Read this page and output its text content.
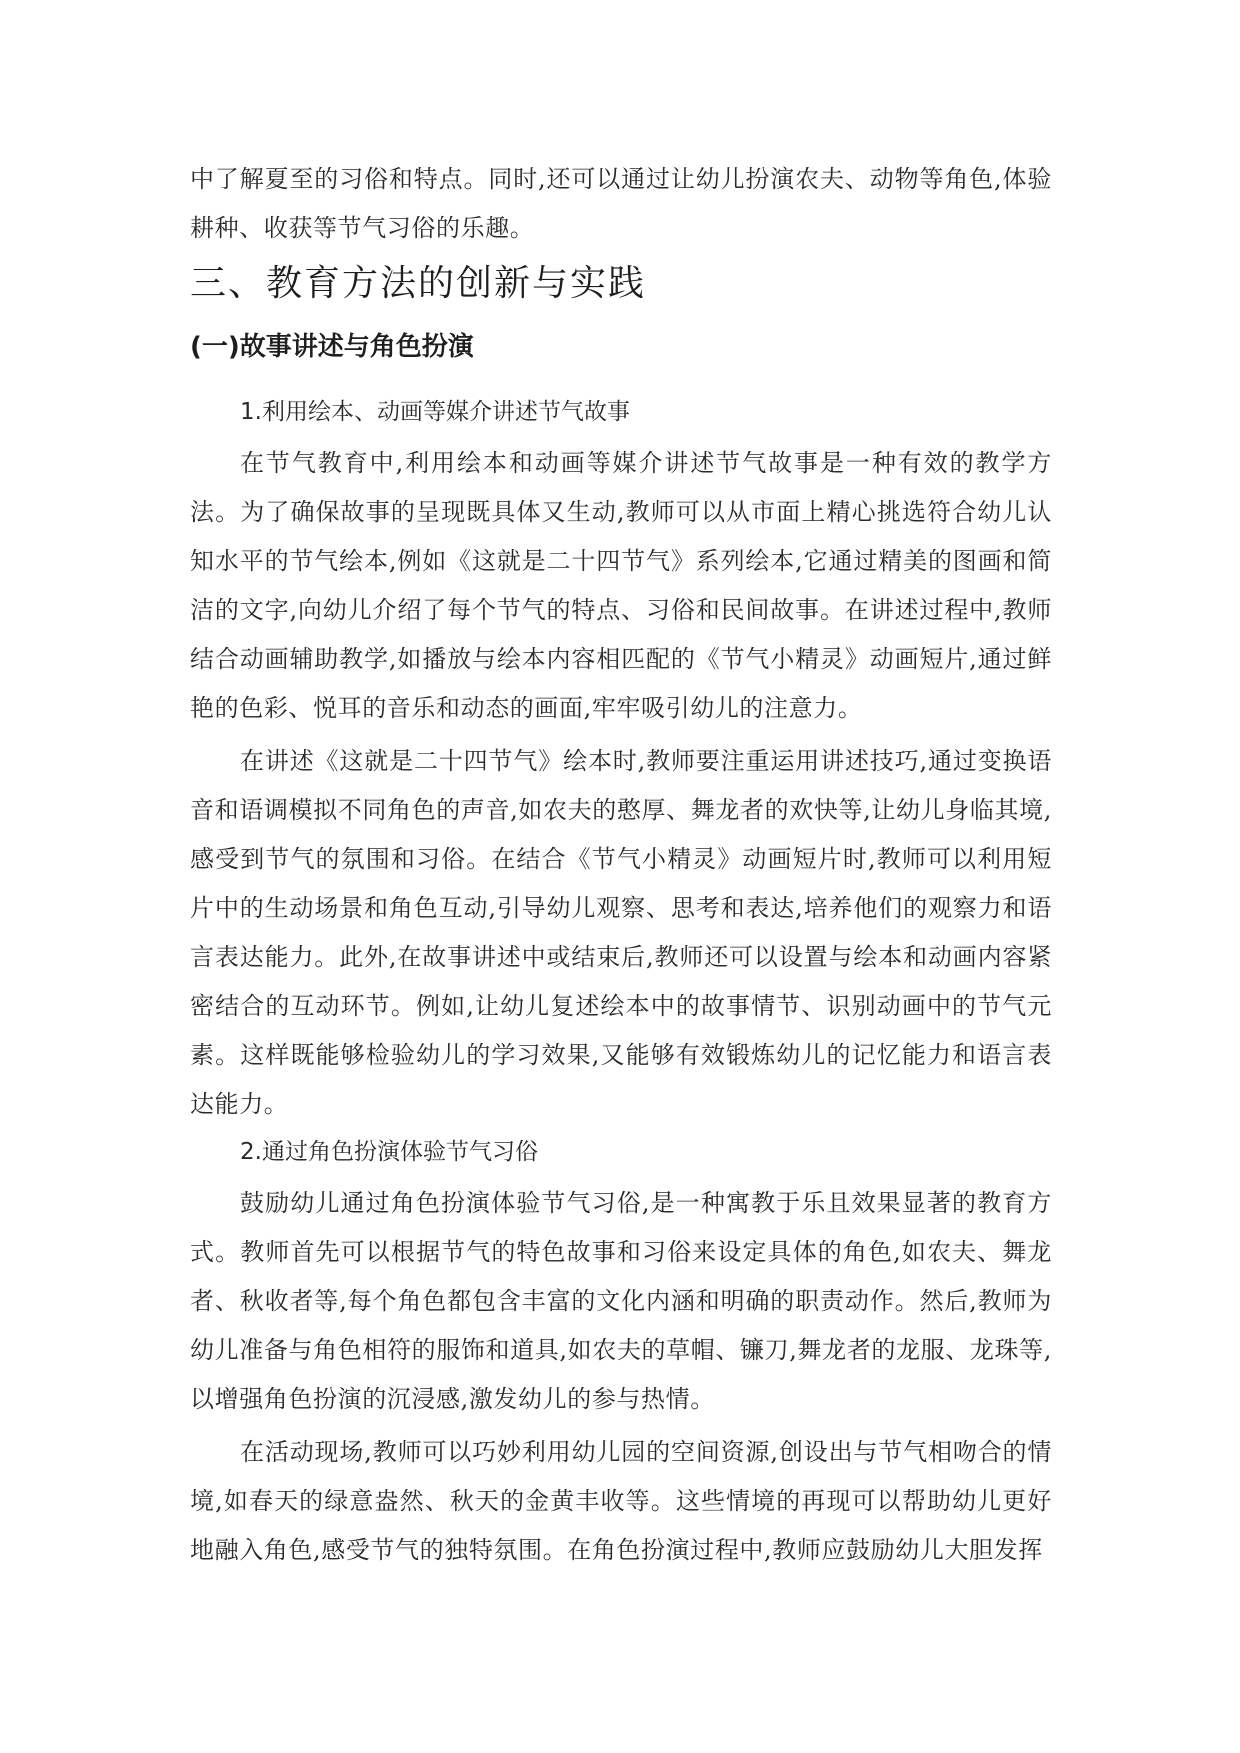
中了解夏至的习俗和特点。同时,还可以通过让幼儿扮演农夫、动物等角色,体验耕种、收获等节气习俗的乐趣。

三、教育方法的创新与实践
(一)故事讲述与角色扮演
1.利用绘本、动画等媒介讲述节气故事

在节气教育中,利用绘本和动画等媒介讲述节气故事是一种有效的教学方法。为了确保故事的呈现既具体又生动,教师可以从市面上精心挑选符合幼儿认知水平的节气绘本,例如《这就是二十四节气》系列绘本,它通过精美的图画和简洁的文字,向幼儿介绍了每个节气的特点、习俗和民间故事。在讲述过程中,教师结合动画辅助教学,如播放与绘本内容相匹配的《节气小精灵》动画短片,通过鲜艳的色彩、悦耳的音乐和动态的画面,牢牢吸引幼儿的注意力。

在讲述《这就是二十四节气》绘本时,教师要注重运用讲述技巧,通过变换语音和语调模拟不同角色的声音,如农夫的憨厚、舞龙者的欢快等,让幼儿身临其境,感受到节气的氛围和习俗。在结合《节气小精灵》动画短片时,教师可以利用短片中的生动场景和角色互动,引导幼儿观察、思考和表达,培养他们的观察力和语言表达能力。此外,在故事讲述中或结束后,教师还可以设置与绘本和动画内容紧密结合的互动环节。例如,让幼儿复述绘本中的故事情节、识别动画中的节气元素。这样既能够检验幼儿的学习效果,又能够有效锻炼幼儿的记忆能力和语言表达能力。

2.通过角色扮演体验节气习俗

鼓励幼儿通过角色扮演体验节气习俗,是一种寓教于乐且效果显著的教育方式。教师首先可以根据节气的特色故事和习俗来设定具体的角色,如农夫、舞龙者、秋收者等,每个角色都包含丰富的文化内涵和明确的职责动作。然后,教师为幼儿准备与角色相符的服饰和道具,如农夫的草帽、镰刀,舞龙者的龙服、龙珠等,以增强角色扮演的沉浸感,激发幼儿的参与热情。

在活动现场,教师可以巧妙利用幼儿园的空间资源,创设出与节气相吻合的情境,如春天的绿意盎然、秋天的金黄丰收等。这些情境的再现可以帮助幼儿更好地融入角色,感受节气的独特氛围。在角色扮演过程中,教师应鼓励幼儿大胆发挥
